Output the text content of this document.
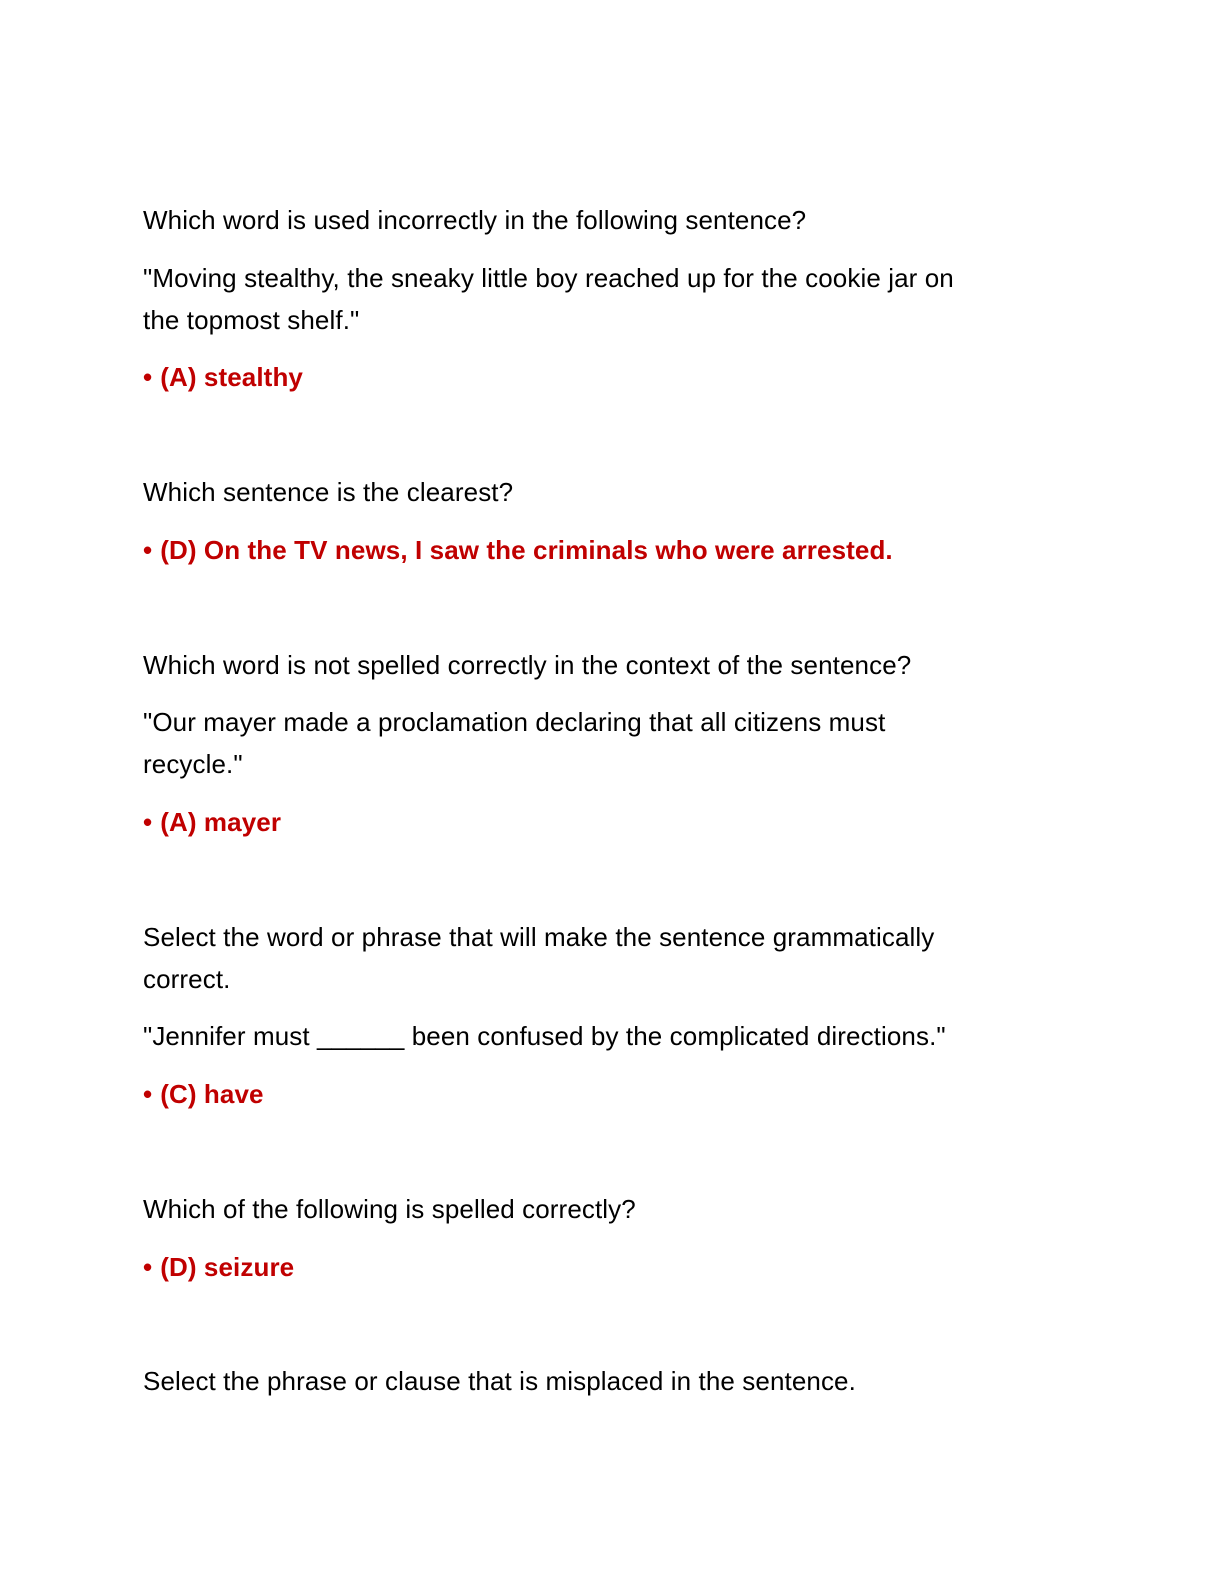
Which word is used incorrectly in the following sentence?
"Moving stealthy, the sneaky little boy reached up for the cookie jar on
the topmost shelf."
• (A) stealthy
Which sentence is the clearest?
• (D) On the TV news, I saw the criminals who were arrested.
Which word is not spelled correctly in the context of the sentence?
"Our mayer made a proclamation declaring that all citizens must
recycle."
• (A) mayer
Select the word or phrase that will make the sentence grammatically
correct.
"Jennifer must ______ been confused by the complicated directions."
• (C) have
Which of the following is spelled correctly?
• (D) seizure
Select the phrase or clause that is misplaced in the sentence.
